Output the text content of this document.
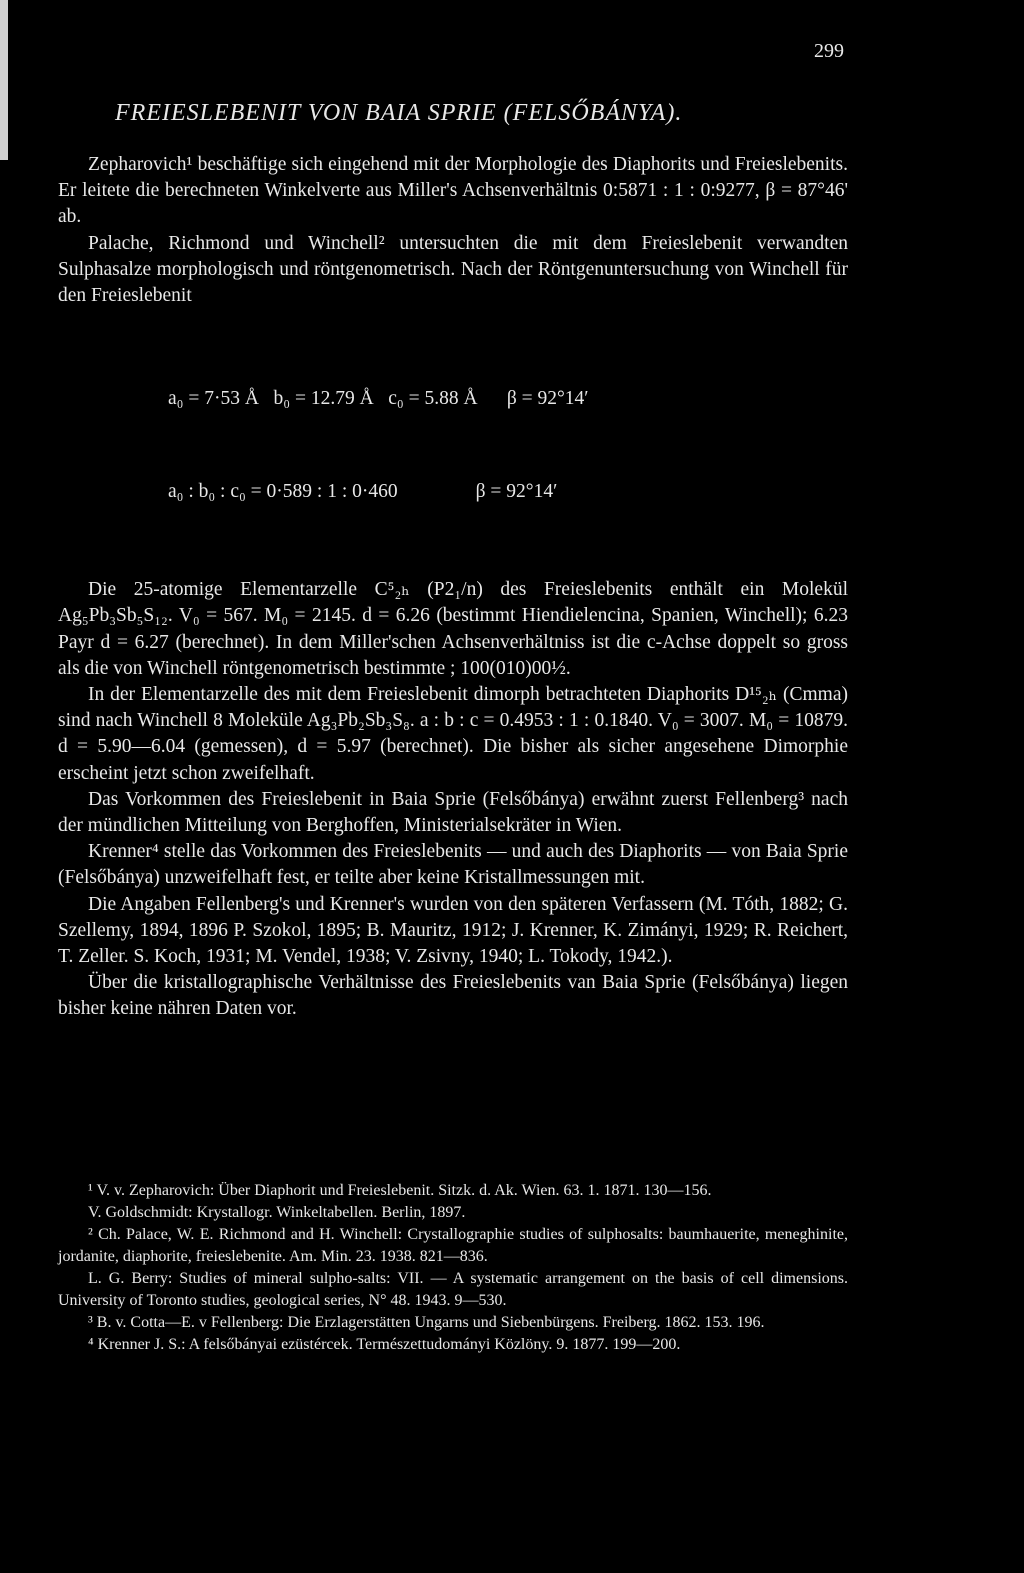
299
FREIESLEBENIT VON BAIA SPRIE (FELSŐBÁNYA).

Zepharovich¹ beschäftige sich eingehend mit der Morphologie des Diaphorits und Freieslebenits. Er leitete die berechneten Winkelverte aus Miller's Achsenverhältnis 0:5871 : 1 : 0:9277, β = 87°46' ab.

Palache, Richmond und Winchell² untersuchten die mit dem Freieslebenit verwandten Sulphasalze morphologisch und röntgenometrisch. Nach der Röntgenuntersuchung von Winchell für den Freieslebenit

a₀ = 7·53 Å   b₀ = 12.79 Å   c₀ = 5.88 Å      β = 92°14′

a₀ : b₀ : c₀ = 0·589 : 1 : 0·460                β = 92°14′

Die 25-atomige Elementarzelle C⁵₂ₕ (P2₁/n) des Freieslebenits enthält ein Molekül Ag₅Pb₃Sb₅S₁₂. V₀ = 567. M₀ = 2145. d = 6.26 (bestimmt Hiendielencina, Spanien, Winchell); 6.23 Payr d = 6.27 (berechnet). In dem Miller'schen Achsenverhältniss ist die c-Achse doppelt so gross als die von Winchell röntgenometrisch bestimmte ; 100(010)00½.

In der Elementarzelle des mit dem Freieslebenit dimorph betrachteten Diaphorits D¹⁵₂ₕ (Cmma) sind nach Winchell 8 Moleküle Ag₃Pb₂Sb₃S₈. a : b : c = 0.4953 : 1 : 0.1840. V₀ = 3007. M₀ = 10879. d = 5.90—6.04 (gemessen), d = 5.97 (berechnet). Die bisher als sicher angesehene Dimorphie erscheint jetzt schon zweifelhaft.

Das Vorkommen des Freieslebenit in Baia Sprie (Felsőbánya) erwähnt zuerst Fellenberg³ nach der mündlichen Mitteilung von Berghoffen, Ministerialsekräter in Wien.

Krenner⁴ stelle das Vorkommen des Freieslebenits — und auch des Diaphorits — von Baia Sprie (Felsőbánya) unzweifelhaft fest, er teilte aber keine Kristallmessungen mit.

Die Angaben Fellenberg's und Krenner's wurden von den späteren Verfassern (M. Tóth, 1882; G. Szellemy, 1894, 1896 P. Szokol, 1895; B. Mauritz, 1912; J. Krenner, K. Zimányi, 1929; R. Reichert, T. Zeller. S. Koch, 1931; M. Vendel, 1938; V. Zsivny, 1940; L. Tokody, 1942.).

Über die kristallographische Verhältnisse des Freieslebenits van Baia Sprie (Felsőbánya) liegen bisher keine nähren Daten vor.

¹ V. v. Zepharovich: Über Diaphorit und Freieslebenit. Sitzk. d. Ak. Wien. 63. 1. 1871. 130—156.

V. Goldschmidt: Krystallogr. Winkeltabellen. Berlin, 1897.

² Ch. Palace, W. E. Richmond and H. Winchell: Crystallographie studies of sulphosalts: baumhauerite, meneghinite, jordanite, diaphorite, freieslebenite. Am. Min. 23. 1938. 821—836.

L. G. Berry: Studies of mineral sulpho-salts: VII. — A systematic arrangement on the basis of cell dimensions. University of Toronto studies, geological series, N° 48. 1943. 9—530.

³ B. v. Cotta—E. v Fellenberg: Die Erzlagerstätten Ungarns und Siebenbürgens. Freiberg. 1862. 153. 196.

⁴ Krenner J. S.: A felsőbányai ezüstércek. Természettudományi Közlöny. 9. 1877. 199—200.
